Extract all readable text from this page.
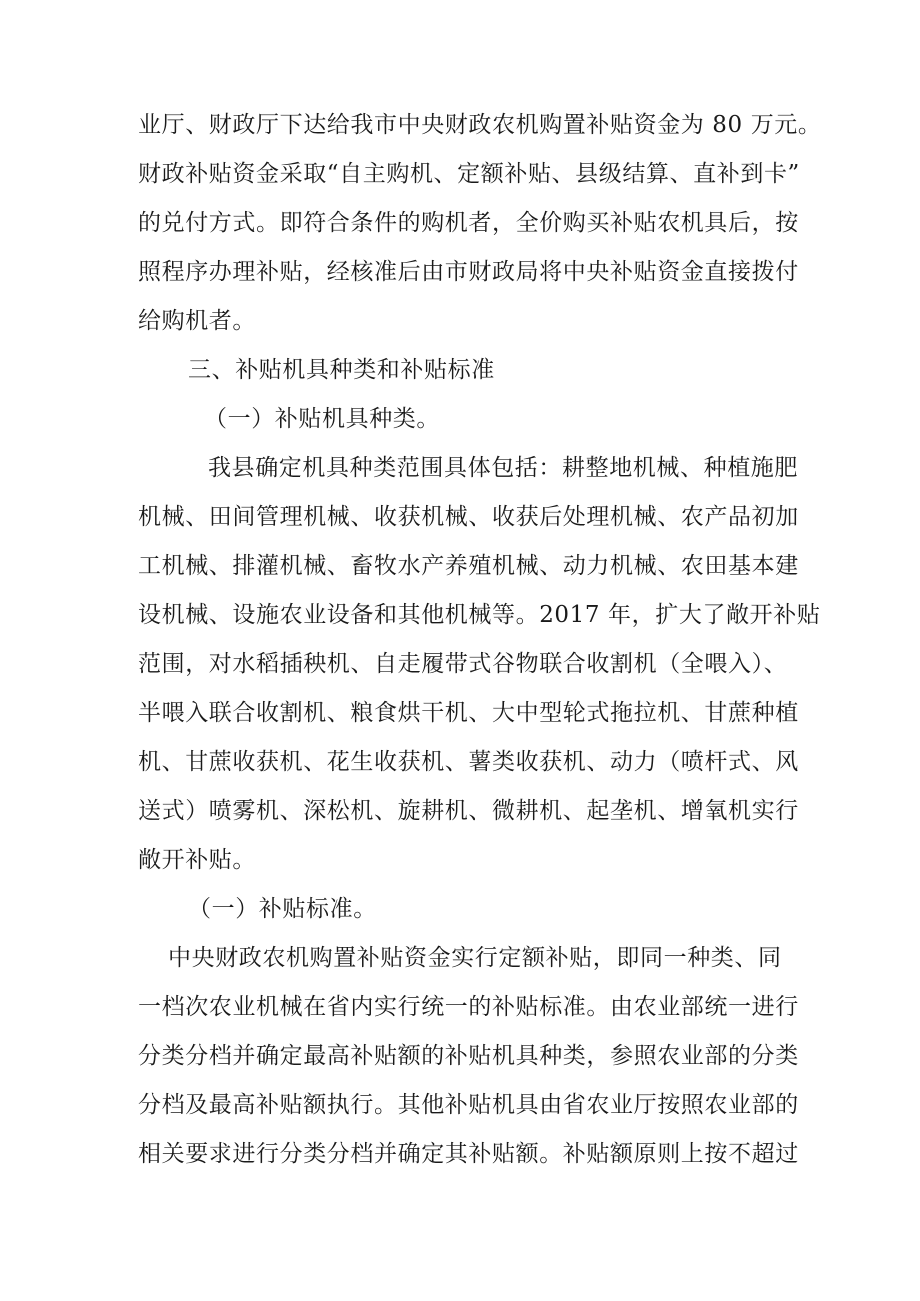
业厅、财政厅下达给我市中央财政农机购置补贴资金为 80 万元。
财政补贴资金采取“自主购机、定额补贴、县级结算、直补到卡”
的兑付方式。即符合条件的购机者，全价购买补贴农机具后，按
照程序办理补贴，经核准后由市财政局将中央补贴资金直接拨付
给购机者。
三、补贴机具种类和补贴标准
（一）补贴机具种类。
我县确定机具种类范围具体包括：耕整地机械、种植施肥
机械、田间管理机械、收获机械、收获后处理机械、农产品初加
工机械、排灌机械、畜牧水产养殖机械、动力机械、农田基本建
设机械、设施农业设备和其他机械等。2017 年，扩大了敞开补贴
范围，对水稻插秧机、自走履带式谷物联合收割机（全喂入）、
半喂入联合收割机、粮食烘干机、大中型轮式拖拉机、甘蔗种植
机、甘蔗收获机、花生收获机、薯类收获机、动力（喷杆式、风
送式）喷雾机、深松机、旋耕机、微耕机、起垄机、增氧机实行
敞开补贴。
（一）补贴标准。
中央财政农机购置补贴资金实行定额补贴，即同一种类、同
一档次农业机械在省内实行统一的补贴标准。由农业部统一进行
分类分档并确定最高补贴额的补贴机具种类，参照农业部的分类
分档及最高补贴额执行。其他补贴机具由省农业厅按照农业部的
相关要求进行分类分档并确定其补贴额。补贴额原则上按不超过
